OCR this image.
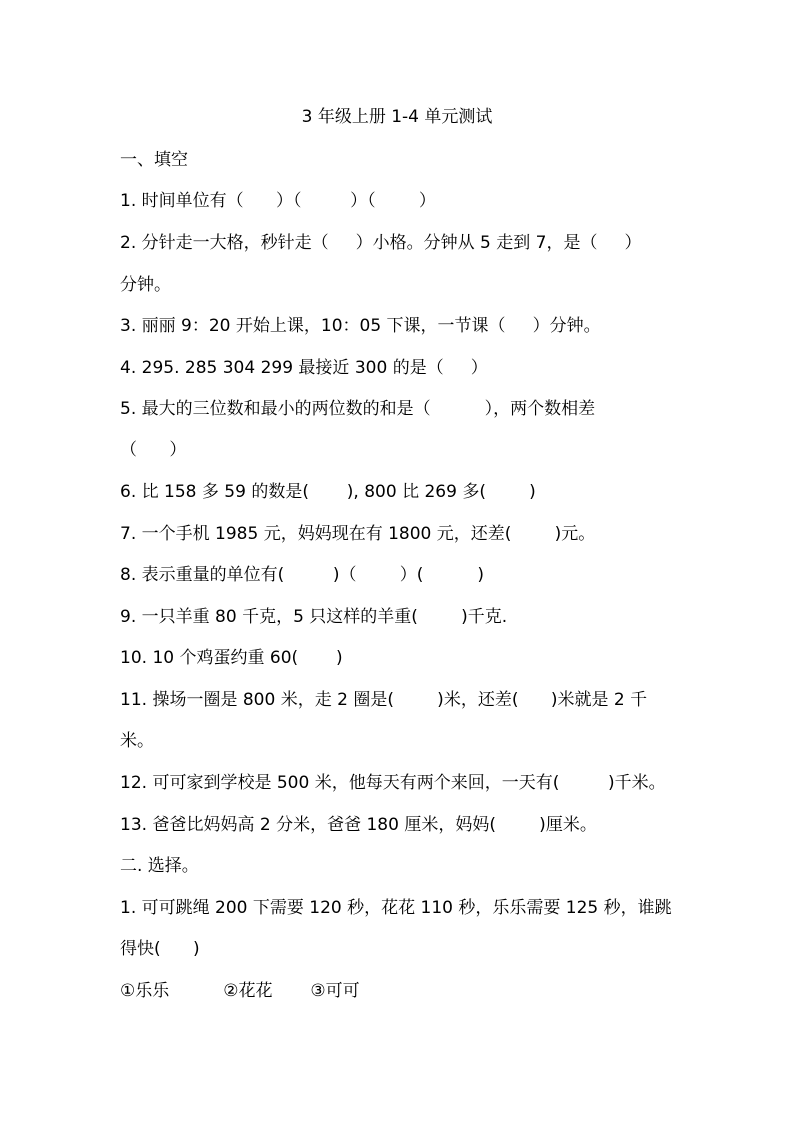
3 年级上册 1-4 单元测试
一、填空
1. 时间单位有（      ）（         ）（        ）
2. 分针走一大格，秒针走（     ）小格。分钟从 5 走到 7，是（     ）
分钟。
3. 丽丽 9：20 开始上课，10：05 下课，一节课（     ）分钟。
4. 295. 285 304 299 最接近 300 的是（     ）
5. 最大的三位数和最小的两位数的和是（          ），两个数相差
（      ）
6. 比 158 多 59 的数是(       ), 800 比 269 多(        )
7. 一个手机 1985 元，妈妈现在有 1800 元，还差(        )元。
8. 表示重量的单位有(         )（        ）(          )
9. 一只羊重 80 千克，5 只这样的羊重(        )千克.
10. 10 个鸡蛋约重 60(       )
11. 操场一圈是 800 米，走 2 圈是(        )米，还差(      )米就是 2 千
米。
12. 可可家到学校是 500 米，他每天有两个来回，一天有(         )千米。
13. 爸爸比妈妈高 2 分米，爸爸 180 厘米，妈妈(        )厘米。
二. 选择。
1. 可可跳绳 200 下需要 120 秒，花花 110 秒，乐乐需要 125 秒，谁跳
得快(      )
①乐乐          ②花花       ③可可
